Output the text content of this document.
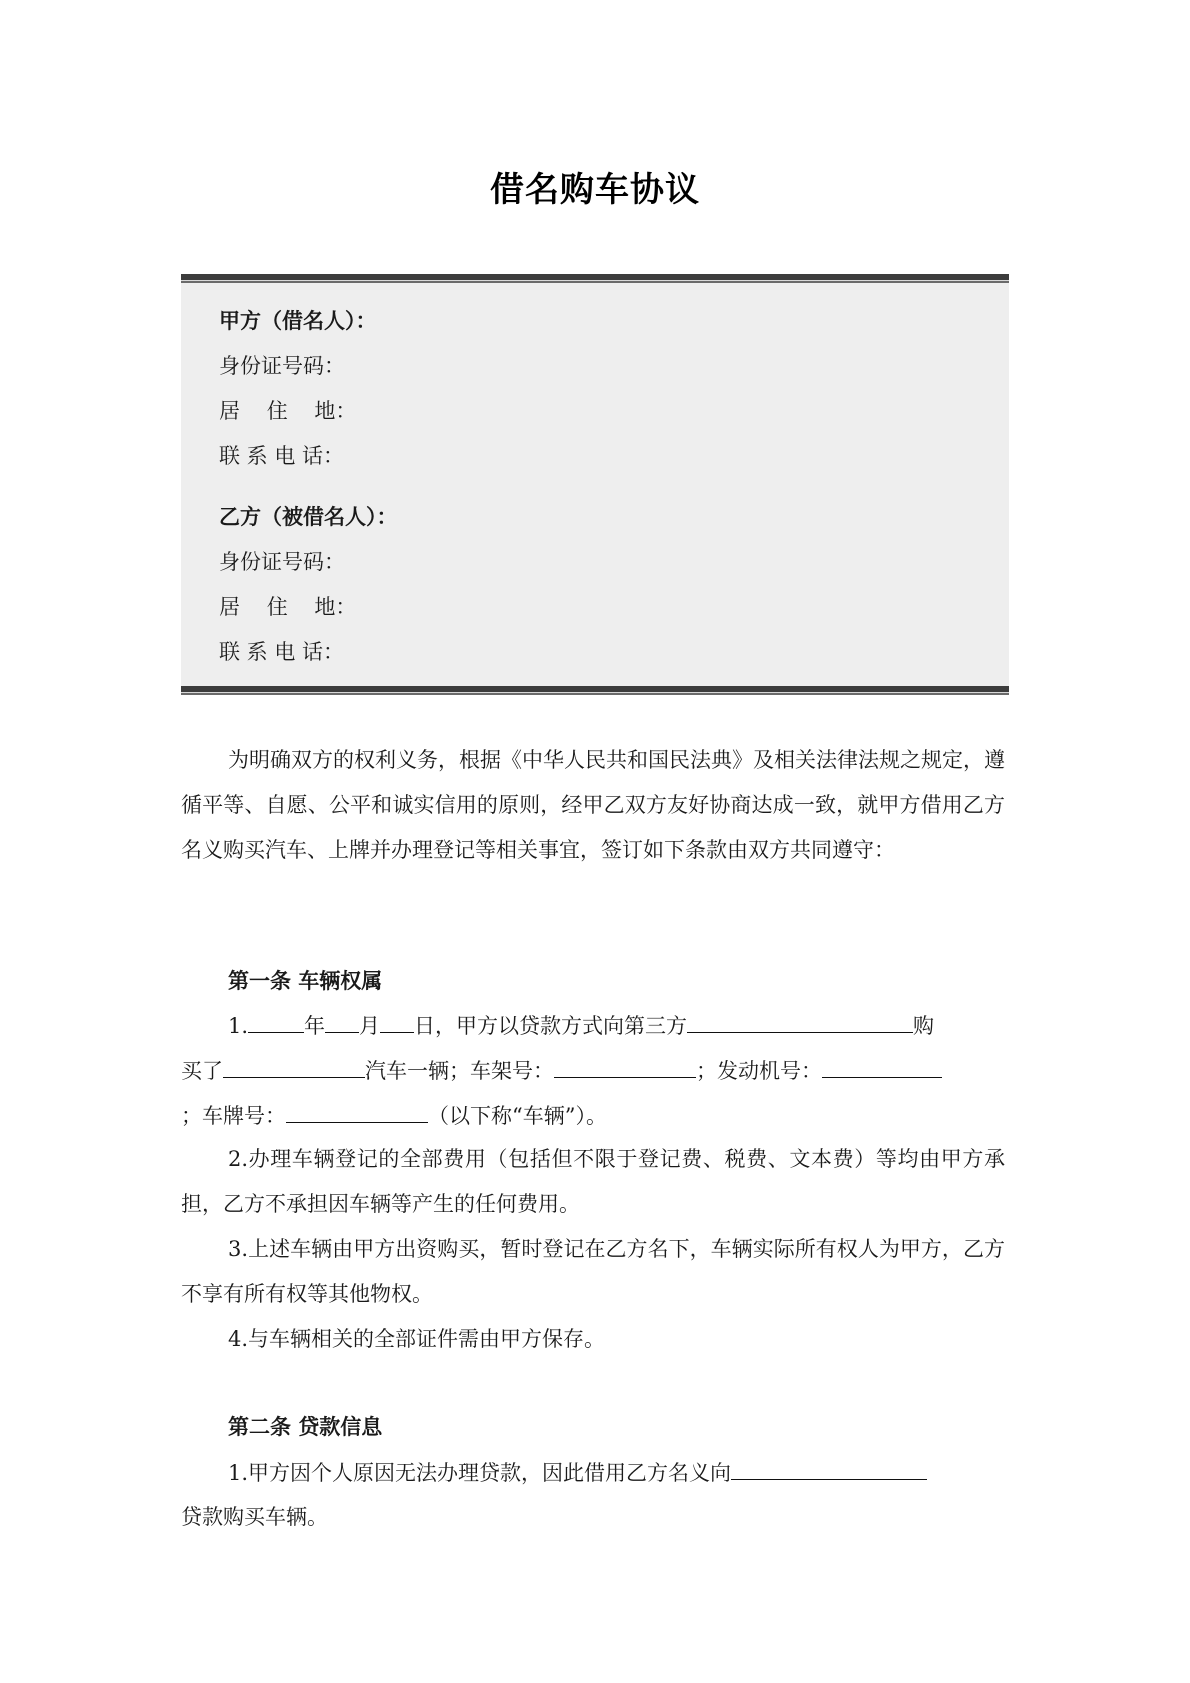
借名购车协议
甲方（借名人）：
身份证号码：
居    住    地：
联 系 电 话：
乙方（被借名人）：
身份证号码：
居    住    地：
联 系 电 话：
为明确双方的权利义务，根据《中华人民共和国民法典》及相关法律法规之规定，遵循平等、自愿、公平和诚实信用的原则，经甲乙双方友好协商达成一致，就甲方借用乙方名义购买汽车、上牌并办理登记等相关事宜，签订如下条款由双方共同遵守：
第一条 车辆权属
1.	年 月 日，甲方以贷款方式向第三方	购
买了	汽车一辆；车架号：	；发动机号：
；车牌号：	（以下称“车辆”）。
2.办理车辆登记的全部费用（包括但不限于登记费、税费、文本费）等均由甲方承担，乙方不承担因车辆等产生的任何费用。
3.上述车辆由甲方出资购买，暂时登记在乙方名下，车辆实际所有权人为甲方，乙方不享有所有权等其他物权。
4.与车辆相关的全部证件需由甲方保存。
第二条 贷款信息
1.甲方因个人原因无法办理贷款，因此借用乙方名义向
贷款购买车辆。
